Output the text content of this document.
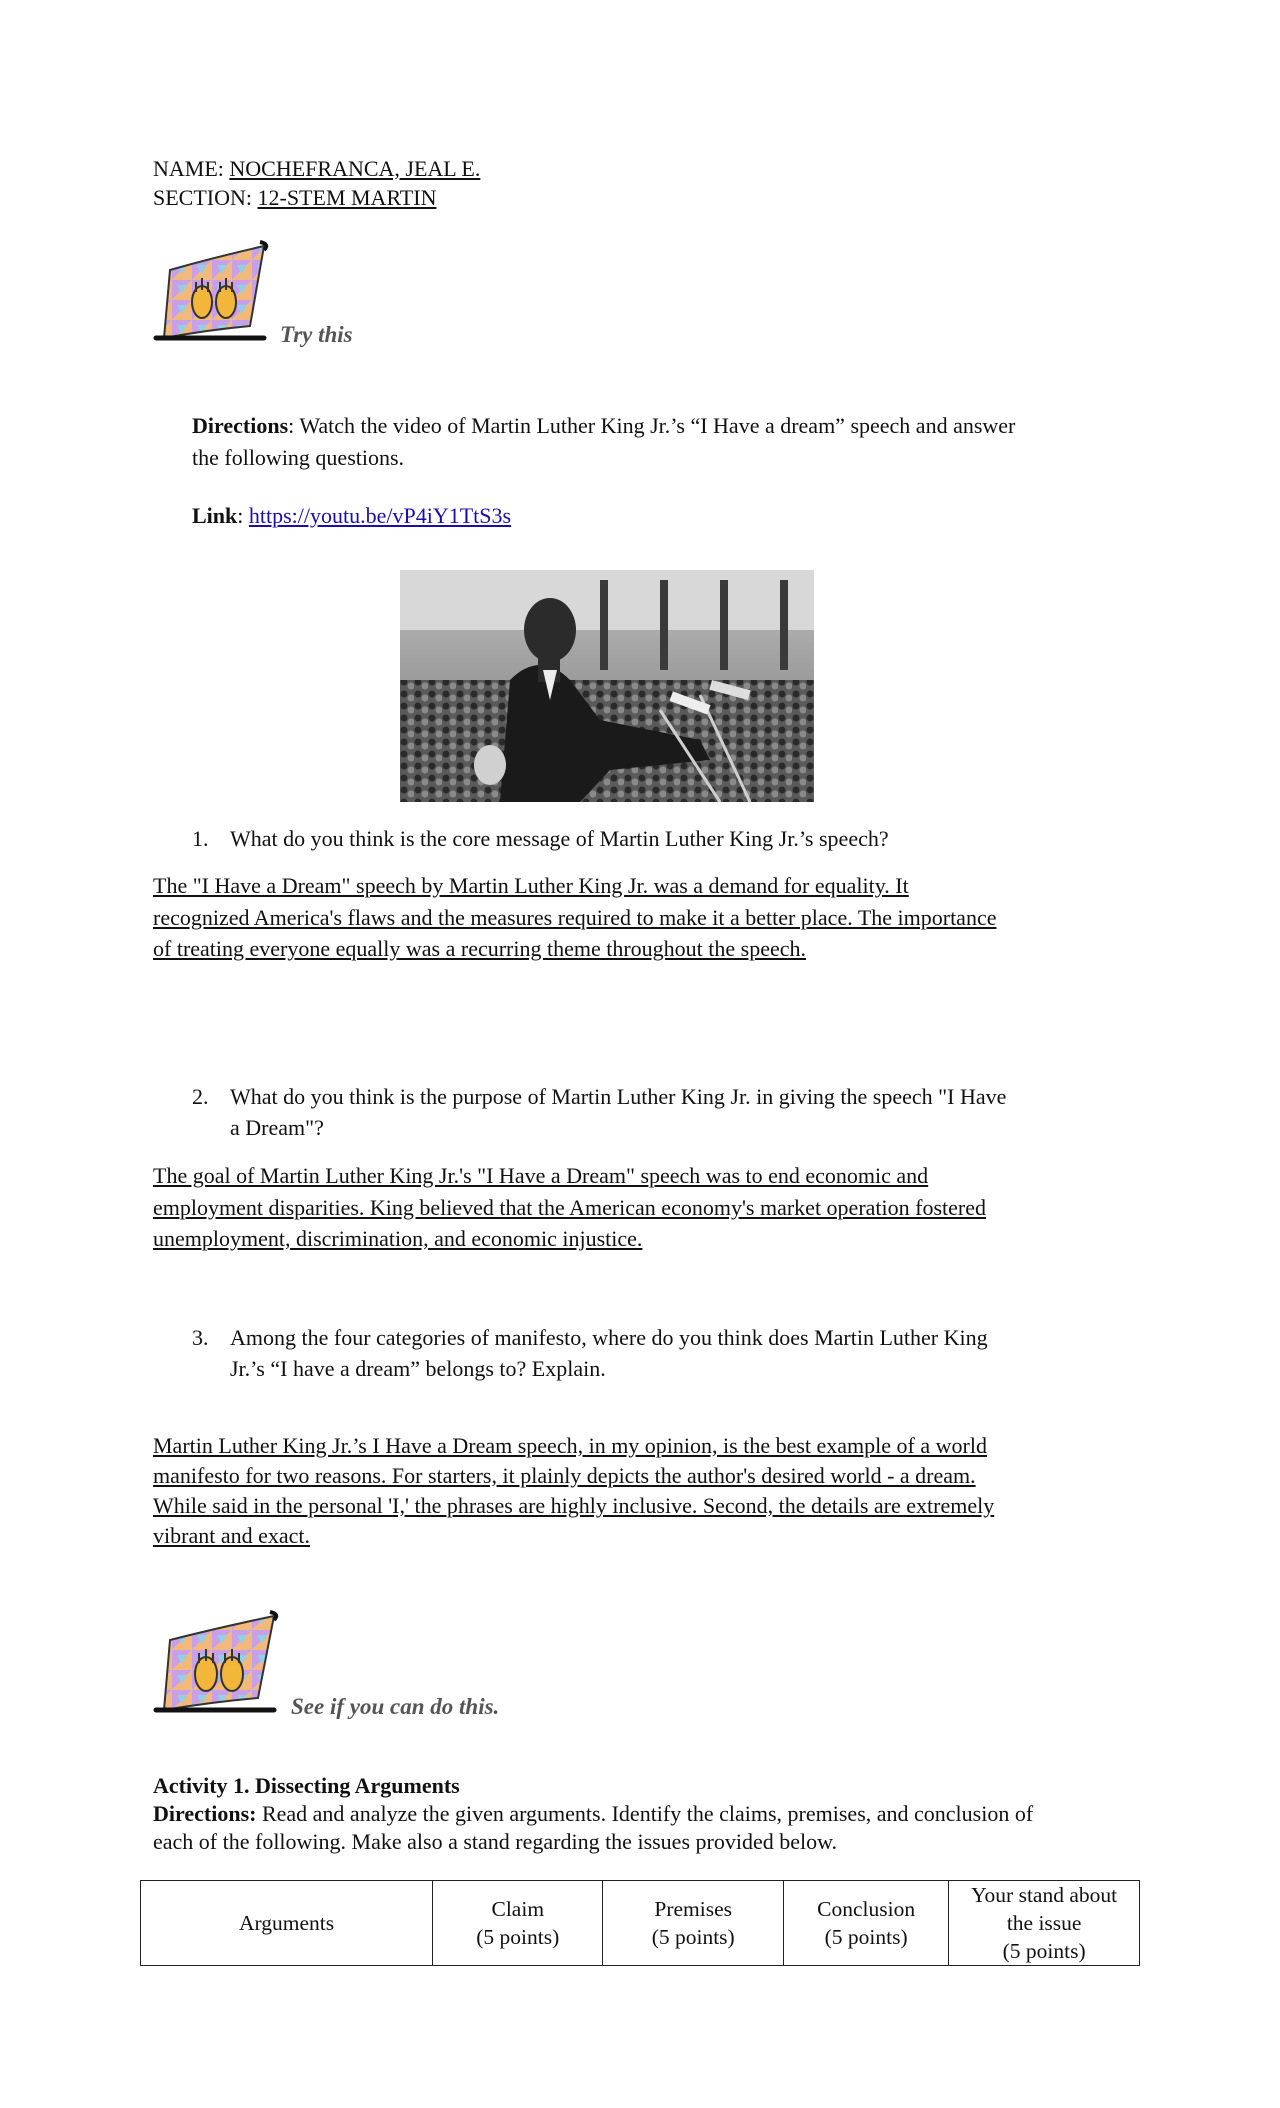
NAME: NOCHEFRANCA, JEAL E.
SECTION: 12-STEM MARTIN
Try this
Directions: Watch the video of Martin Luther King Jr.’s “I Have a dream” speech and answer
the following questions.
Link: https://youtu.be/vP4iY1TtS3s
1. What do you think is the core message of Martin Luther King Jr.’s speech?
The "I Have a Dream" speech by Martin Luther King Jr. was a demand for equality. It
recognized America's flaws and the measures required to make it a better place. The importance
of treating everyone equally was a recurring theme throughout the speech.
2. What do you think is the purpose of Martin Luther King Jr. in giving the speech "I Have
a Dream"?
The goal of Martin Luther King Jr.'s "I Have a Dream" speech was to end economic and
employment disparities. King believed that the American economy's market operation fostered
unemployment, discrimination, and economic injustice.
3. Among the four categories of manifesto, where do you think does Martin Luther King
Jr.’s “I have a dream” belongs to? Explain.
Martin Luther King Jr.’s I Have a Dream speech, in my opinion, is the best example of a world
manifesto for two reasons. For starters, it plainly depicts the author's desired world - a dream.
While said in the personal 'I,' the phrases are highly inclusive. Second, the details are extremely
vibrant and exact.
See if you can do this.
Activity 1. Dissecting Arguments
Directions: Read and analyze the given arguments. Identify the claims, premises, and conclusion of
each of the following. Make also a stand regarding the issues provided below.
Arguments

Claim
(5 points)

Premises
(5 points)

Conclusion
(5 points)

Your stand about
the issue
(5 points)
